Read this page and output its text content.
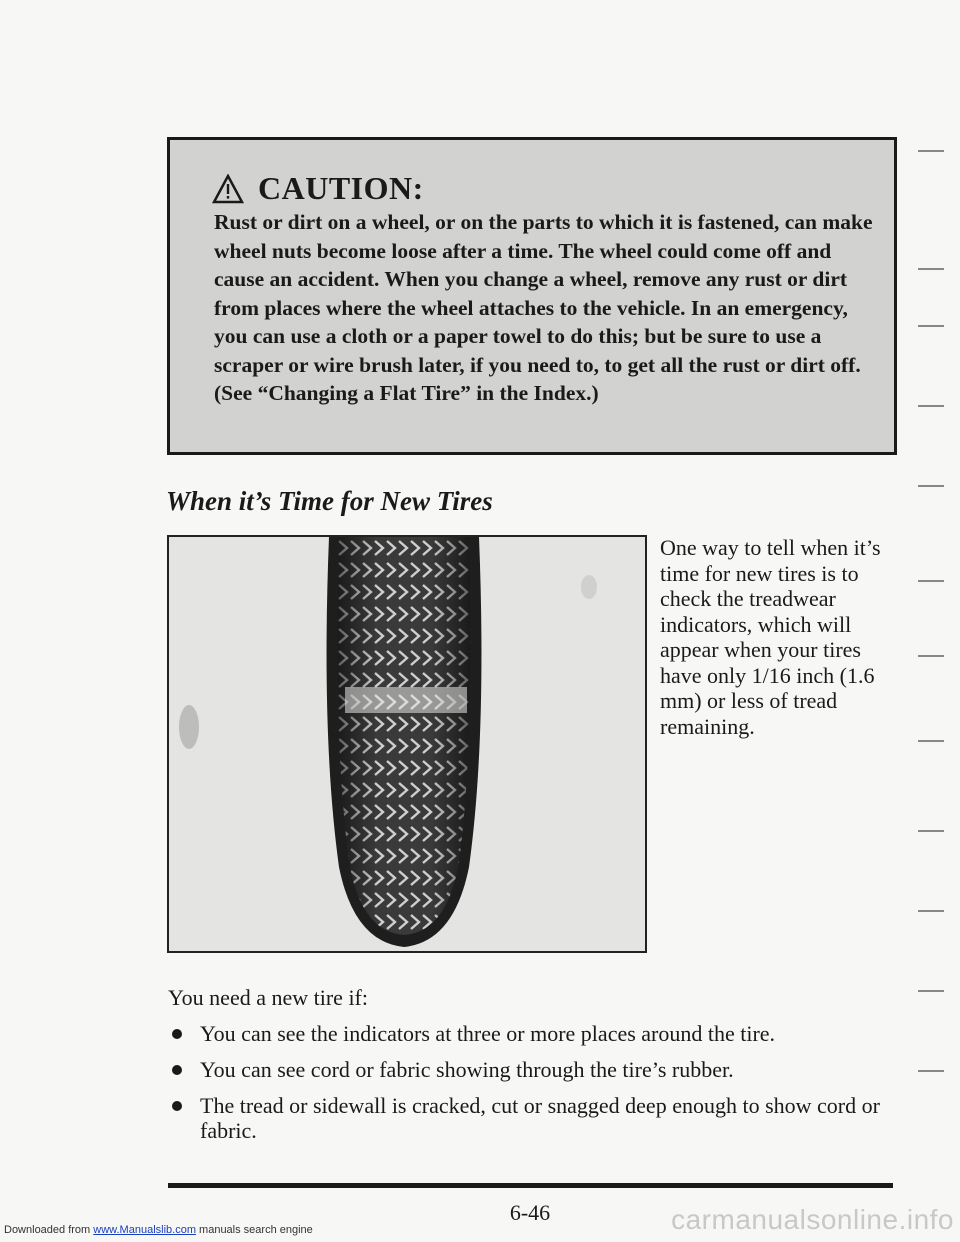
CAUTION:
Rust or dirt on a wheel, or on the parts to which it is fastened, can make wheel nuts become loose after a time. The wheel could come off and cause an accident. When you change a wheel, remove any rust or dirt from places where the wheel attaches to the vehicle. In an emergency, you can use a cloth or a paper towel to do this; but be sure to use a scraper or wire brush later, if you need to, to get all the rust or dirt off. (See “Changing a Flat Tire” in the Index.)
When it’s Time for New Tires
One way to tell when it’s time for new tires is to check the treadwear indicators, which will appear when your tires have only 1/16 inch (1.6 mm) or less of tread remaining.
You need a new tire if:
You can see the indicators at three or more places around the tire.
You can see cord or fabric showing through the tire’s rubber.
The tread or sidewall is cracked, cut or snagged deep enough to show cord or fabric.
6-46
Downloaded from www.Manualslib.com manuals search engine	carmanualsonline.info
